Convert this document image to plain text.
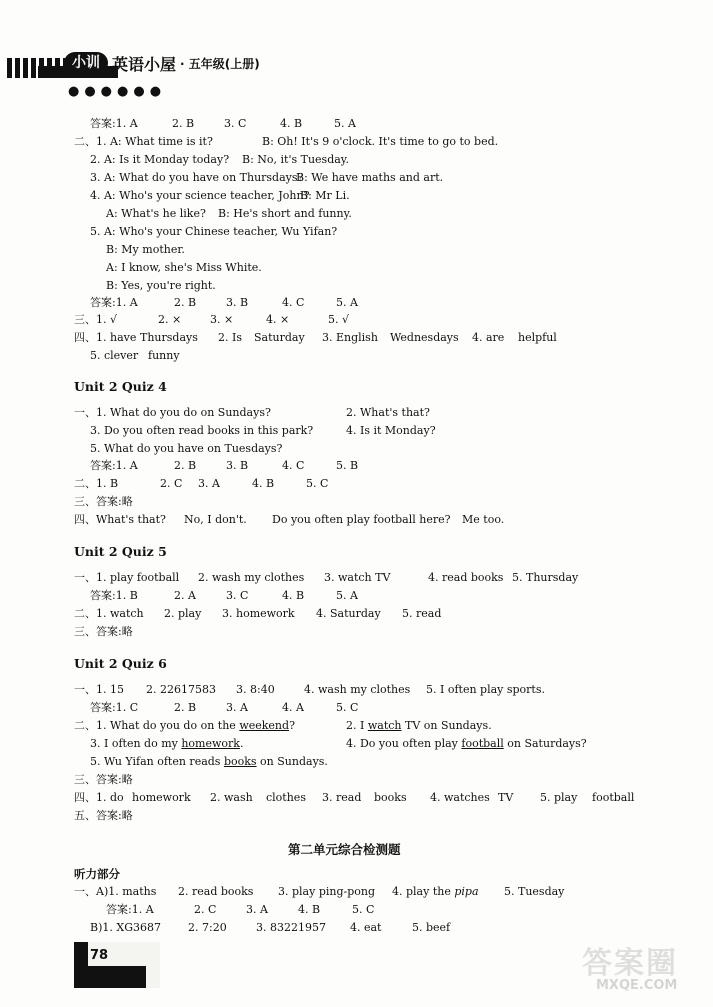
小训 英语小屋 · 五年级(上册)
●●●●●●
答案:1. A	2. B	3. C	4. B	5. A
二、1. A: What time is it?	B: Oh! It's 9 o'clock. It's time to go to bed.
2. A: Is it Monday today? B: No, it's Tuesday.
3. A: What do you have on Thursdays?B: We have maths and art.
4. A: Who's your science teacher, John?B: Mr Li.
A: What's he like? B: He's short and funny.
5. A: Who's your Chinese teacher, Wu Yifan?
B: My mother.
A: I know, she's Miss White.
B: Yes, you're right.
答案:1. A	2. B	3. B	4. C	5. A
三、1. √	2. ×	3. ×	4. ×	5. √
四、1. have Thursdays 2. Is Saturday 3. English Wednesdays 4. are helpful
5. clever funny
Unit 2 Quiz 4
一、1. What do you do on Sundays?	2. What's that?
3. Do you often read books in this park?	4. Is it Monday?
5. What do you have on Tuesdays?
答案:1. A	2. B	3. B	4. C	5. B
二、1. B	2. C 3. A	4. B	5. C
三、答案:略
四、What's that? No, I don't. Do you often play football here? Me too.
Unit 2 Quiz 5
一、1. play football 2. wash my clothes 3. watch TV	4. read books 5. Thursday
答案:1. B	2. A	3. C	4. B	5. A
二、1. watch 2. play 3. homework 4. Saturday 5. read
三、答案:略
Unit 2 Quiz 6
一、1. 15 2. 22617583 3. 8:40	4. wash my clothes 5. I often play sports.
答案:1. C	2. B	3. A	4. A	5. C
二、1. What do you do on the weekend?	2. I watch TV on Sundays.
3. I often do my homework.	4. Do you often play football on Saturdays?
5. Wu Yifan often reads books on Sundays.
三、答案:略
四、1. do homework 2. wash clothes 3. read books 4. watches TV 5. play football
五、答案:略
第二单元综合检测题
听力部分
一、A)1. maths 2. read books 3. play ping-pong 4. play the pipa 5. Tuesday
答案:1. A	2. C	3. A	4. B	5. C
B)1. XG3687 2. 7:20	3. 83221957 4. eat	5. beef
78	答案圈
MXQE.COM
